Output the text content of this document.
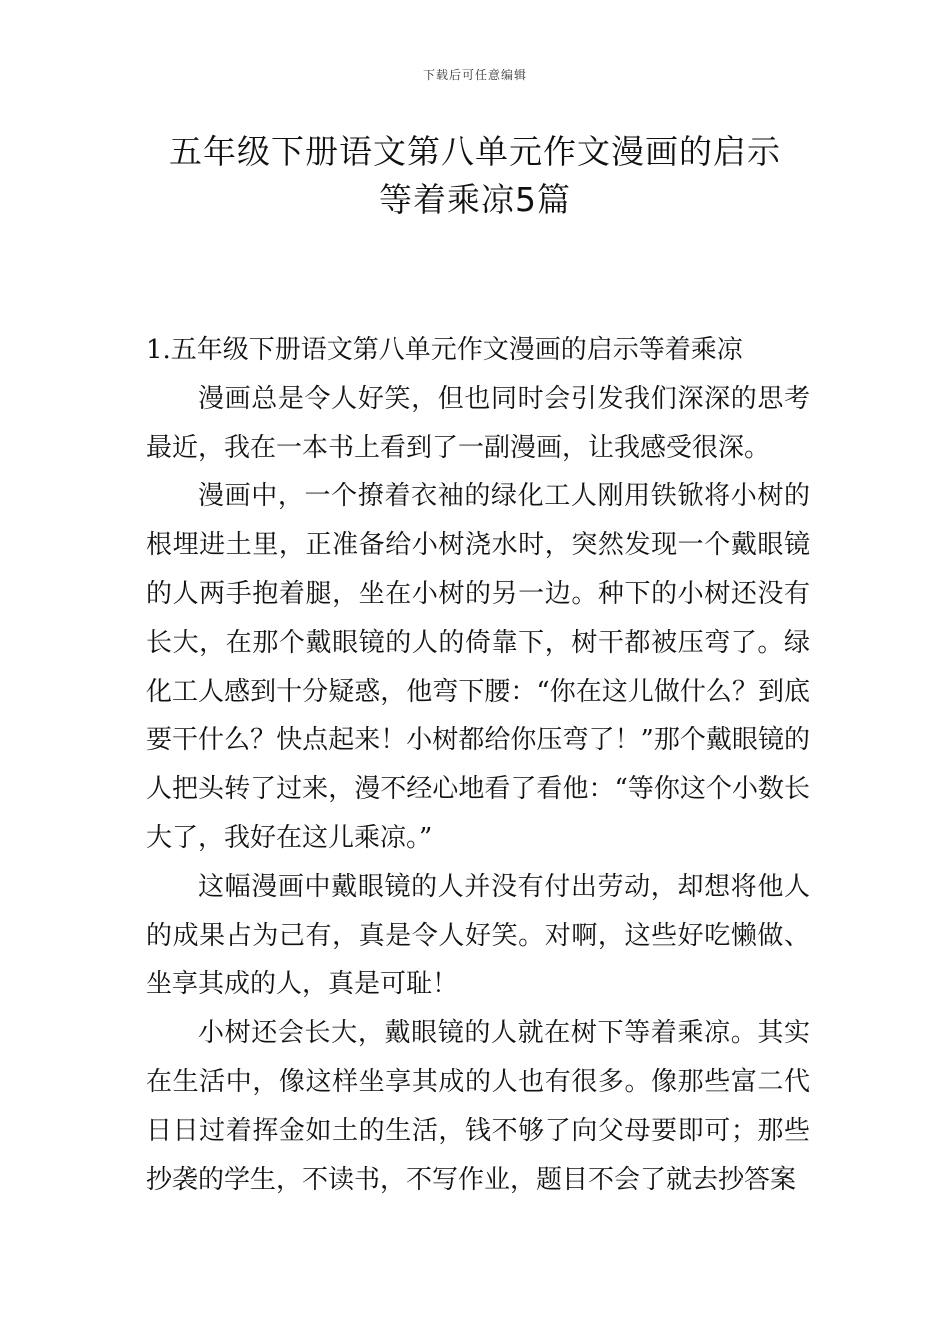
下载后可任意编辑
五年级下册语文第八单元作文漫画的启示
等着乘凉5篇

1.五年级下册语文第八单元作文漫画的启示等着乘凉

漫画总是令人好笑，但也同时会引发我们深深的思考最近，我在一本书上看到了一副漫画，让我感受很深。

漫画中，一个撩着衣袖的绿化工人刚用铁锨将小树的根埋进土里，正准备给小树浇水时，突然发现一个戴眼镜的人两手抱着腿，坐在小树的另一边。种下的小树还没有长大，在那个戴眼镜的人的倚靠下，树干都被压弯了。绿化工人感到十分疑惑，他弯下腰：“你在这儿做什么？到底要干什么？快点起来！小树都给你压弯了！”那个戴眼镜的人把头转了过来，漫不经心地看了看他：“等你这个小数长大了，我好在这儿乘凉。”

这幅漫画中戴眼镜的人并没有付出劳动，却想将他人的成果占为己有，真是令人好笑。对啊，这些好吃懒做、坐享其成的人，真是可耻！

小树还会长大，戴眼镜的人就在树下等着乘凉。其实在生活中，像这样坐享其成的人也有很多。像那些富二代日日过着挥金如土的生活，钱不够了向父母要即可；那些抄袭的学生，不读书，不写作业，题目不会了就去抄答案
